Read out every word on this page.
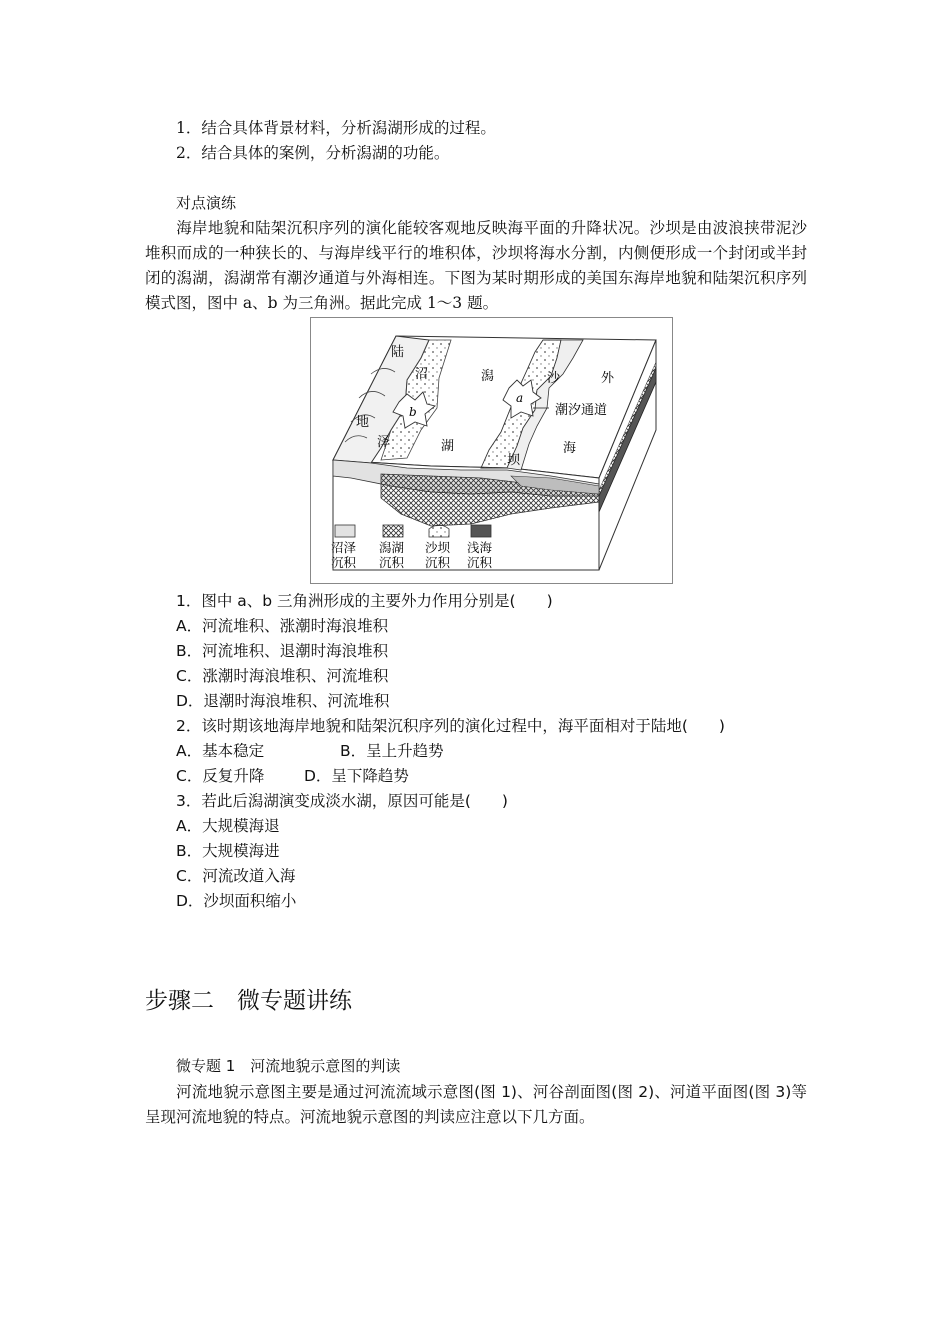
1．结合具体背景材料，分析潟湖形成的过程。
2．结合具体的案例，分析潟湖的功能。
对点演练
海岸地貌和陆架沉积序列的演化能较客观地反映海平面的升降状况。沙坝是由波浪挟带泥沙堆积而成的一种狭长的、与海岸线平行的堆积体，沙坝将海水分割，内侧便形成一个封闭或半封闭的潟湖，潟湖常有潮汐通道与外海相连。下图为某时期形成的美国东海岸地貌和陆架沉积序列模式图，图中 a、b 为三角洲。据此完成 1～3 题。
陆
地
沼
泽
潟
湖
沙
坝
外
海
潮汐通道
a
b
沼泽
沉积
潟湖
沉积
沙坝
沉积
浅海
沉积
1．图中 a、b 三角洲形成的主要外力作用分别是(　　)
A．河流堆积、涨潮时海浪堆积
B．河流堆积、退潮时海浪堆积
C．涨潮时海浪堆积、河流堆积
D．退潮时海浪堆积、河流堆积
2．该时期该地海岸地貌和陆架沉积序列的演化过程中，海平面相对于陆地(　　)
A．基本稳定	B．呈上升趋势
C．反复升降	D．呈下降趋势
3．若此后潟湖演变成淡水湖，原因可能是(　　)
A．大规模海退
B．大规模海进
C．河流改道入海
D．沙坝面积缩小
步骤二　微专题讲练
微专题 1　河流地貌示意图的判读
河流地貌示意图主要是通过河流流域示意图(图 1)、河谷剖面图(图 2)、河道平面图(图 3)等呈现河流地貌的特点。河流地貌示意图的判读应注意以下几方面。
